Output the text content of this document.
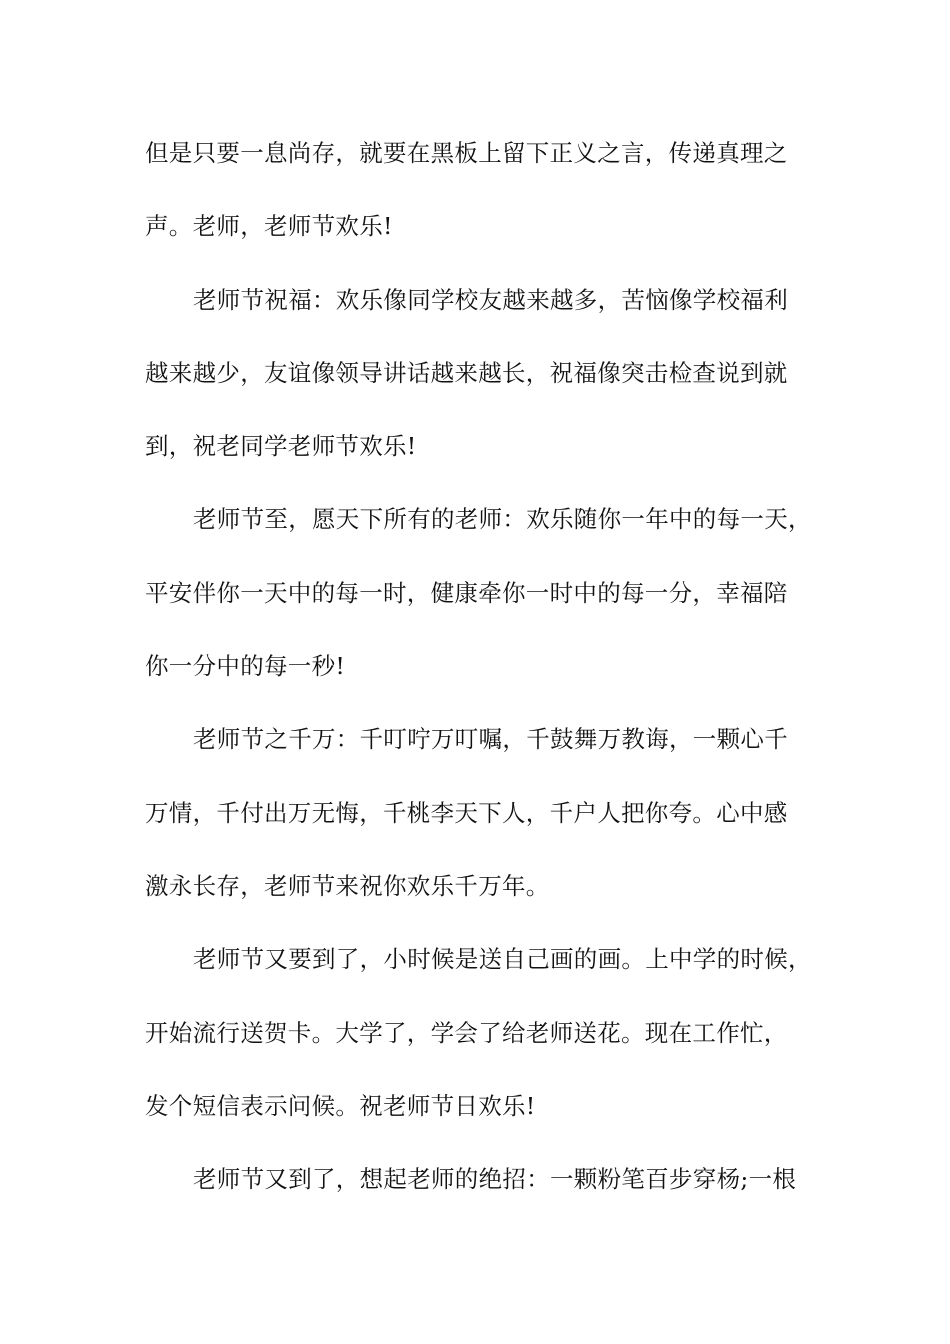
但是只要一息尚存，就要在黑板上留下正义之言，传递真理之
声。老师，老师节欢乐!
老师节祝福：欢乐像同学校友越来越多，苦恼像学校福利
越来越少，友谊像领导讲话越来越长，祝福像突击检查说到就
到，祝老同学老师节欢乐!
老师节至，愿天下所有的老师：欢乐随你一年中的每一天，
平安伴你一天中的每一时，健康牵你一时中的每一分，幸福陪
你一分中的每一秒!
老师节之千万：千叮咛万叮嘱，千鼓舞万教诲，一颗心千
万情，千付出万无悔，千桃李天下人，千户人把你夸。心中感
激永长存，老师节来祝你欢乐千万年。
老师节又要到了，小时候是送自己画的画。上中学的时候，
开始流行送贺卡。大学了，学会了给老师送花。现在工作忙，
发个短信表示问候。祝老师节日欢乐!
老师节又到了，想起老师的绝招：一颗粉笔百步穿杨;一根
